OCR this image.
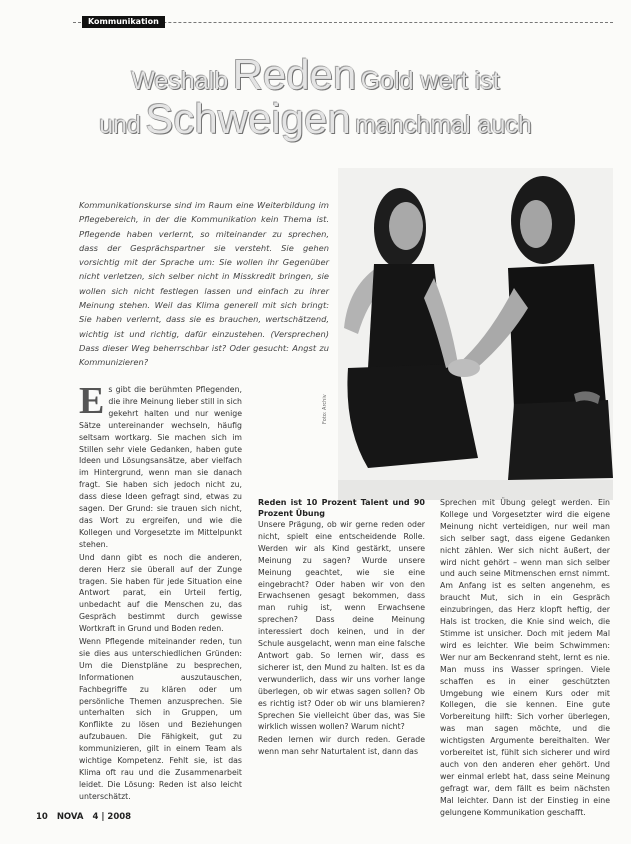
Kommunikation
Weshalb Reden Gold wert ist
und Schweigen manchmal auch
Kommunikationskurse sind im Raum eine Weiterbildung im Pflegebereich, in der die Kommunikation kein Thema ist. Pflegende haben verlernt, so miteinander zu sprechen, dass der Gesprächspartner sie versteht. Sie gehen vorsichtig mit der Sprache um: Sie wollen ihr Gegenüber nicht verletzen, sich selber nicht in Misskredit bringen, sie wollen sich nicht festlegen lassen und einfach zu ihrer Meinung stehen. Weil das Klima generell mit sich bringt: Sie haben verlernt, dass sie es brauchen, wertschätzend, wichtig ist und richtig, dafür einzustehen. (Versprechen) Dass dieser Weg beherrschbar ist? Oder gesucht: Angst zu Kommunizieren?
Foto: Archiv
E s gibt die berühmten Pflegenden, die ihre Meinung lieber still in sich gekehrt halten und nur wenige Sätze untereinander wechseln, häufig seltsam wortkarg. Sie machen sich im Stillen sehr viele Gedanken, haben gute Ideen und Lösungsansätze, aber vielfach im Hintergrund, wenn man sie danach fragt. Sie haben sich jedoch nicht zu, dass diese Ideen gefragt sind, etwas zu sagen. Der Grund: sie trauen sich nicht, das Wort zu ergreifen, und wie die Kollegen und Vorgesetzte im Mittelpunkt stehen.

Und dann gibt es noch die anderen, deren Herz sie überall auf der Zunge tragen. Sie haben für jede Situation eine Antwort parat, ein Urteil fertig, unbedacht auf die Menschen zu, das Gespräch bestimmt durch gewisse Wortkraft in Grund und Boden reden.

Wenn Pflegende miteinander reden, tun sie dies aus unterschiedlichen Gründen: Um die Dienstpläne zu besprechen, Informationen auszutauschen, Fachbegriffe zu klären oder um persönliche Themen anzusprechen. Sie unterhalten sich in Gruppen, um Konflikte zu lösen und Beziehungen aufzubauen. Die Fähigkeit, gut zu kommunizieren, gilt in einem Team als wichtige Kompetenz. Fehlt sie, ist das Klima oft rau und die Zusammenarbeit leidet. Die Lösung: Reden ist also leicht unterschätzt.

Reden ist 10 Prozent Talent und 90 Prozent Übung

Unsere Prägung, ob wir gerne reden oder nicht, spielt eine entscheidende Rolle. Werden wir als Kind gestärkt, unsere Meinung zu sagen? Wurde unsere Meinung geachtet, wie sie eine eingebracht? Oder haben wir von den Erwachsenen gesagt bekommen, dass man ruhig ist, wenn Erwachsene sprechen? Dass deine Meinung interessiert doch keinen, und in der Schule ausgelacht, wenn man eine falsche Antwort gab. So lernen wir, dass es sicherer ist, den Mund zu halten. Ist es da verwunderlich, dass wir uns vorher lange überlegen, ob wir etwas sagen sollen? Ob es richtig ist? Oder ob wir uns blamieren? Sprechen Sie vielleicht über das, was Sie wirklich wissen wollen? Warum nicht?

Reden lernen wir durch reden. Gerade wenn man sehr Naturtalent ist, dann das

Sprechen mit Übung gelegt werden. Ein Kollege und Vorgesetzter wird die eigene Meinung nicht verteidigen, nur weil man sich selber sagt, dass eigene Gedanken nicht zählen. Wer sich nicht äußert, der wird nicht gehört – wenn man sich selber und auch seine Mitmenschen ernst nimmt. Am Anfang ist es selten angenehm, es braucht Mut, sich in ein Gespräch einzubringen, das Herz klopft heftig, der Hals ist trocken, die Knie sind weich, die Stimme ist unsicher. Doch mit jedem Mal wird es leichter. Wie beim Schwimmen: Wer nur am Beckenrand steht, lernt es nie. Man muss ins Wasser springen. Viele schaffen es in einer geschützten Umgebung wie einem Kurs oder mit Kollegen, die sie kennen. Eine gute Vorbereitung hilft: Sich vorher überlegen, was man sagen möchte, und die wichtigsten Argumente bereithalten. Wer vorbereitet ist, fühlt sich sicherer und wird auch von den anderen eher gehört. Und wer einmal erlebt hat, dass seine Meinung gefragt war, dem fällt es beim nächsten Mal leichter. Dann ist der Einstieg in eine gelungene Kommunikation geschafft.

10 NOVA 4 | 2008
